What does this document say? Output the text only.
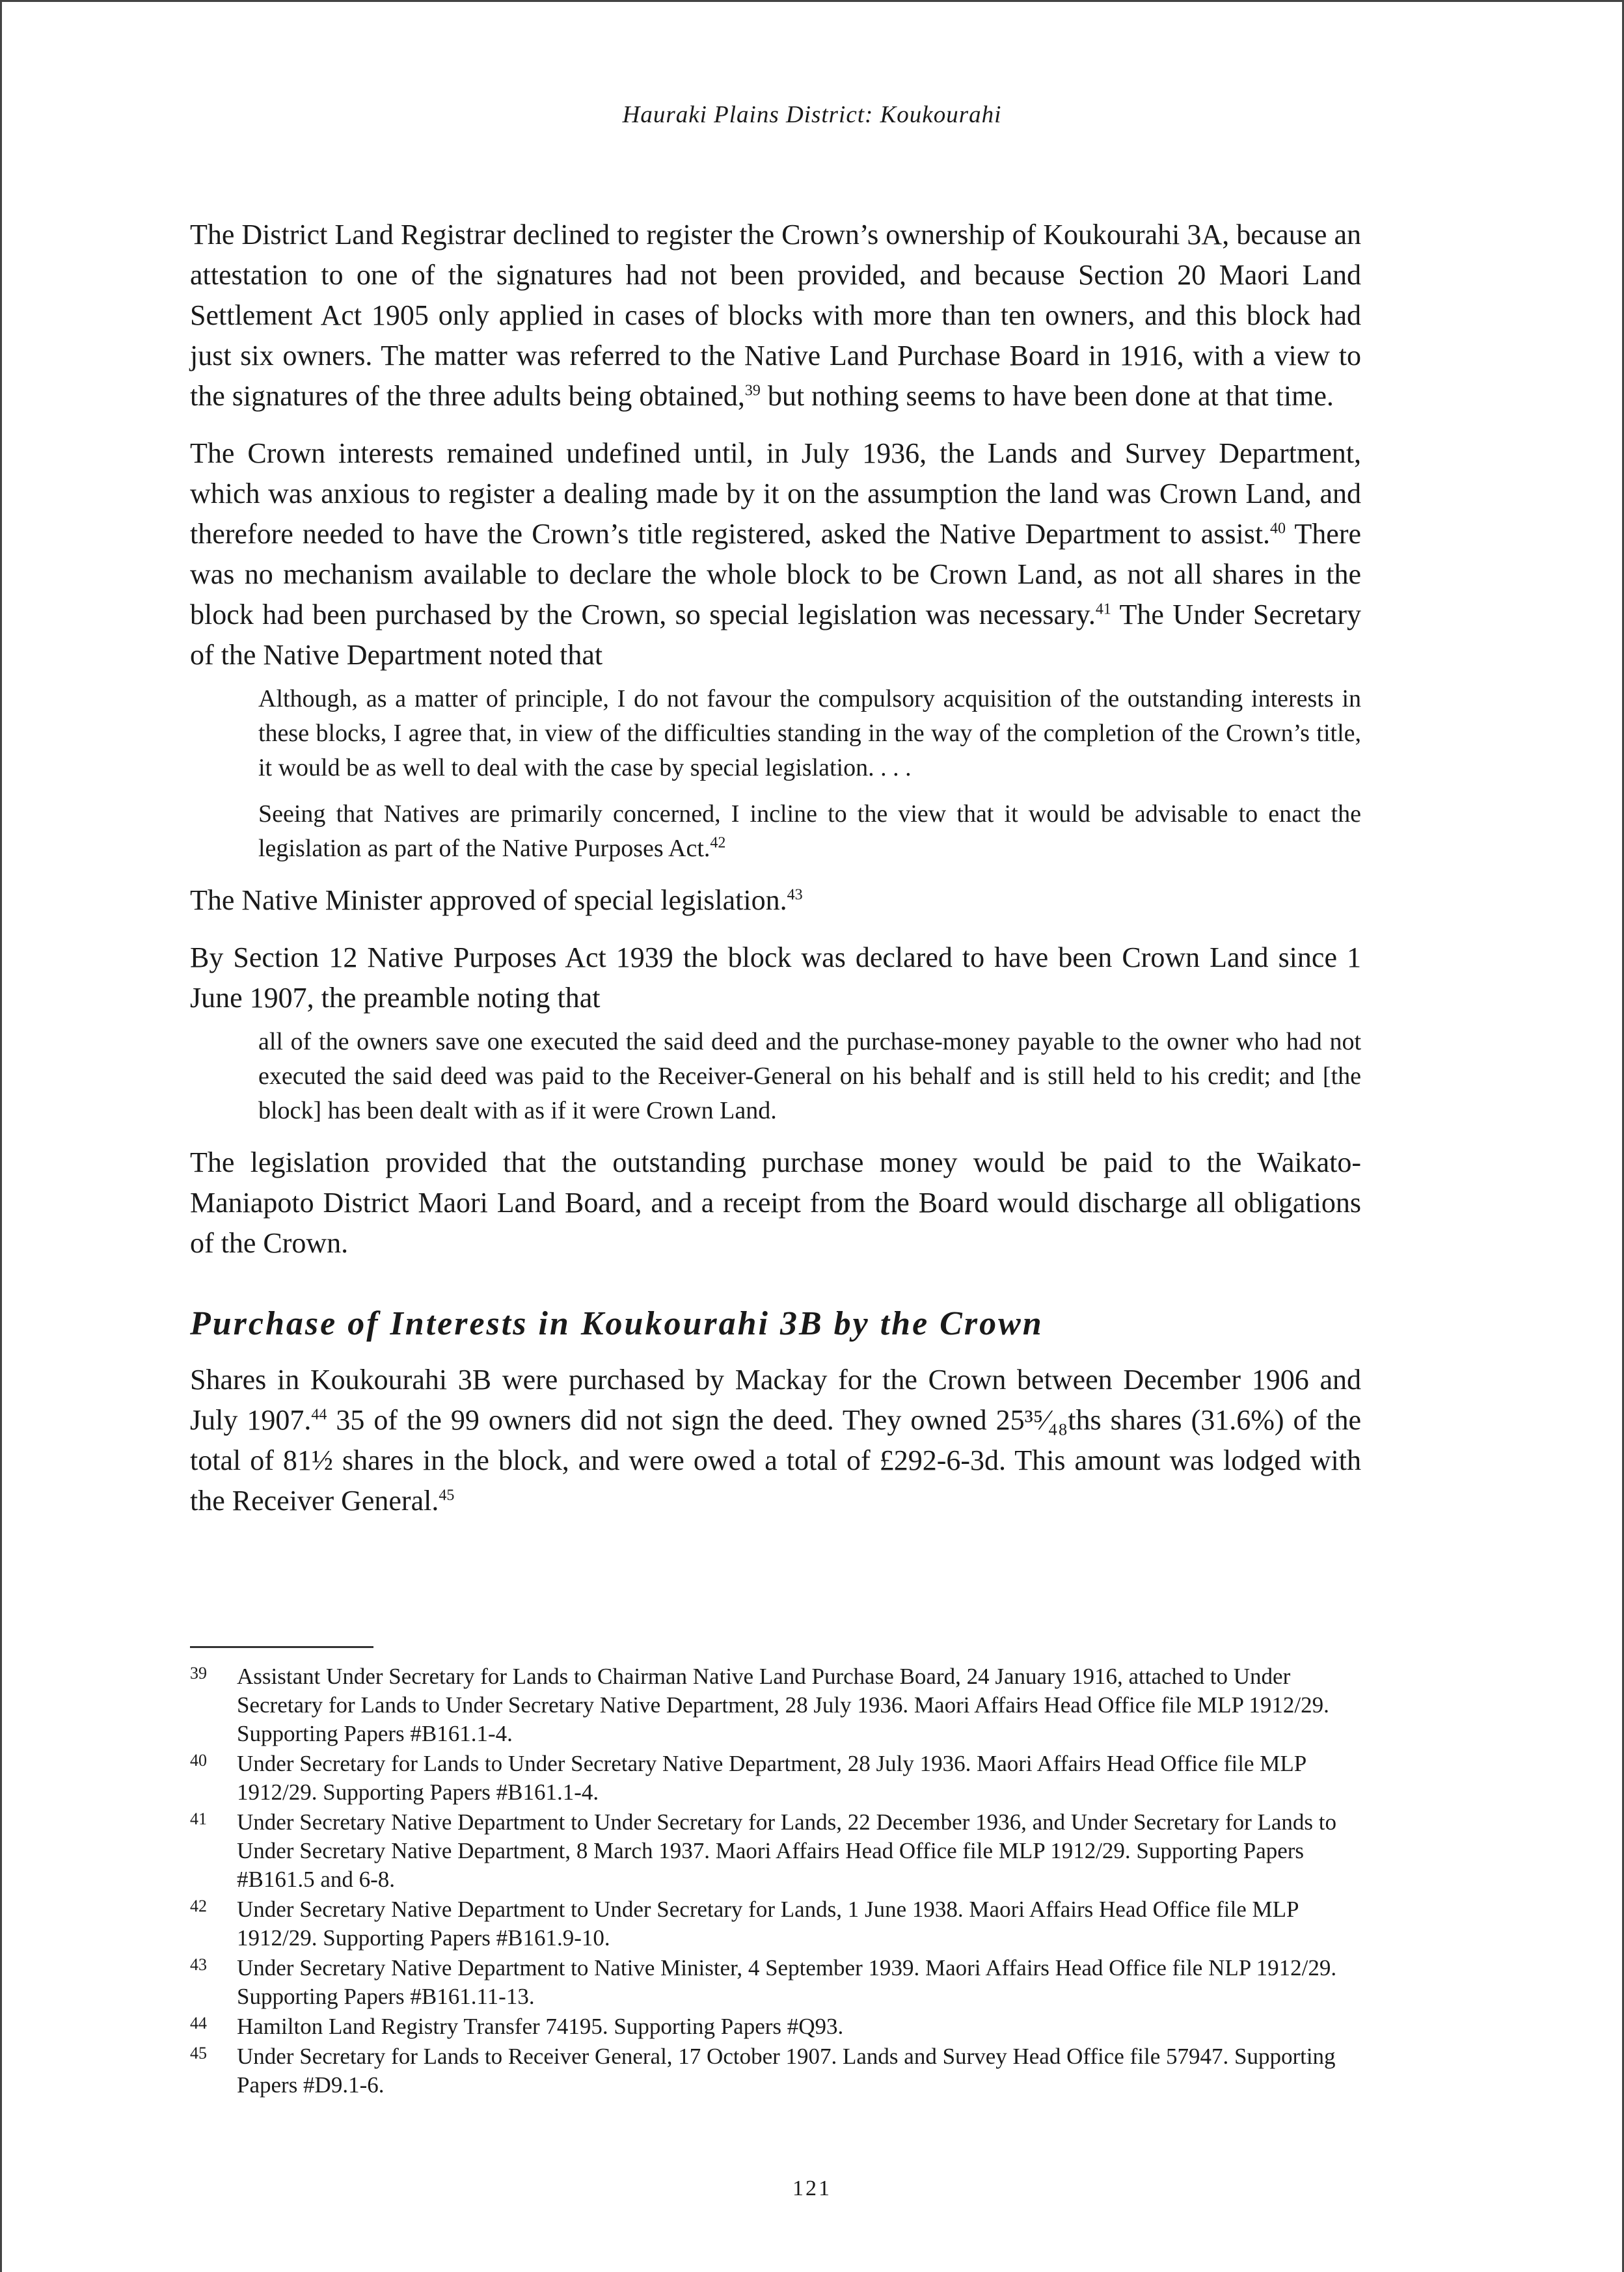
Hauraki Plains District: Koukourahi

The District Land Registrar declined to register the Crown’s ownership of Koukourahi 3A, because an attestation to one of the signatures had not been provided, and because Section 20 Maori Land Settlement Act 1905 only applied in cases of blocks with more than ten owners, and this block had just six owners. The matter was referred to the Native Land Purchase Board in 1916, with a view to the signatures of the three adults being obtained,$^{39}$ but nothing seems to have been done at that time.

The Crown interests remained undefined until, in July 1936, the Lands and Survey Department, which was anxious to register a dealing made by it on the assumption the land was Crown Land, and therefore needed to have the Crown’s title registered, asked the Native Department to assist.$^{40}$ There was no mechanism available to declare the whole block to be Crown Land, as not all shares in the block had been purchased by the Crown, so special legislation was necessary.$^{41}$ The Under Secretary of the Native Department noted that

Although, as a matter of principle, I do not favour the compulsory acquisition of the outstanding interests in these blocks, I agree that, in view of the difficulties standing in the way of the completion of the Crown’s title, it would be as well to deal with the case by special legislation. . . .

Seeing that Natives are primarily concerned, I incline to the view that it would be advisable to enact the legislation as part of the Native Purposes Act.$^{42}$

The Native Minister approved of special legislation.$^{43}$

By Section 12 Native Purposes Act 1939 the block was declared to have been Crown Land since 1 June 1907, the preamble noting that

all of the owners save one executed the said deed and the purchase-money payable to the owner who had not executed the said deed was paid to the Receiver-General on his behalf and is still held to his credit; and [the block] has been dealt with as if it were Crown Land.

The legislation provided that the outstanding purchase money would be paid to the Waikato-Maniapoto District Maori Land Board, and a receipt from the Board would discharge all obligations of the Crown.

Purchase of Interests in Koukourahi 3B by the Crown

Shares in Koukourahi 3B were purchased by Mackay for the Crown between December 1906 and July 1907.44 35 of the 99 owners did not sign the deed. They owned 25³⁵⁄₄₈ths shares (31.6%) of the total of 81½ shares in the block, and were owed a total of £292-6-3d. This amount was lodged with the Receiver General.$^{45}$

39	Assistant Under Secretary for Lands to Chairman Native Land Purchase Board, 24 January 1916, attached to Under Secretary for Lands to Under Secretary Native Department, 28 July 1936. Maori Affairs Head Office file MLP 1912/29. Supporting Papers #B161.1-4.
40	Under Secretary for Lands to Under Secretary Native Department, 28 July 1936. Maori Affairs Head Office file MLP 1912/29. Supporting Papers #B161.1-4.
41	Under Secretary Native Department to Under Secretary for Lands, 22 December 1936, and Under Secretary for Lands to Under Secretary Native Department, 8 March 1937. Maori Affairs Head Office file MLP 1912/29. Supporting Papers #B161.5 and 6-8.
42	Under Secretary Native Department to Under Secretary for Lands, 1 June 1938. Maori Affairs Head Office file MLP 1912/29. Supporting Papers #B161.9-10.
43	Under Secretary Native Department to Native Minister, 4 September 1939. Maori Affairs Head Office file NLP 1912/29. Supporting Papers #B161.11-13.
44	Hamilton Land Registry Transfer 74195. Supporting Papers #Q93.
45	Under Secretary for Lands to Receiver General, 17 October 1907. Lands and Survey Head Office file 57947. Supporting Papers #D9.1-6.
121
